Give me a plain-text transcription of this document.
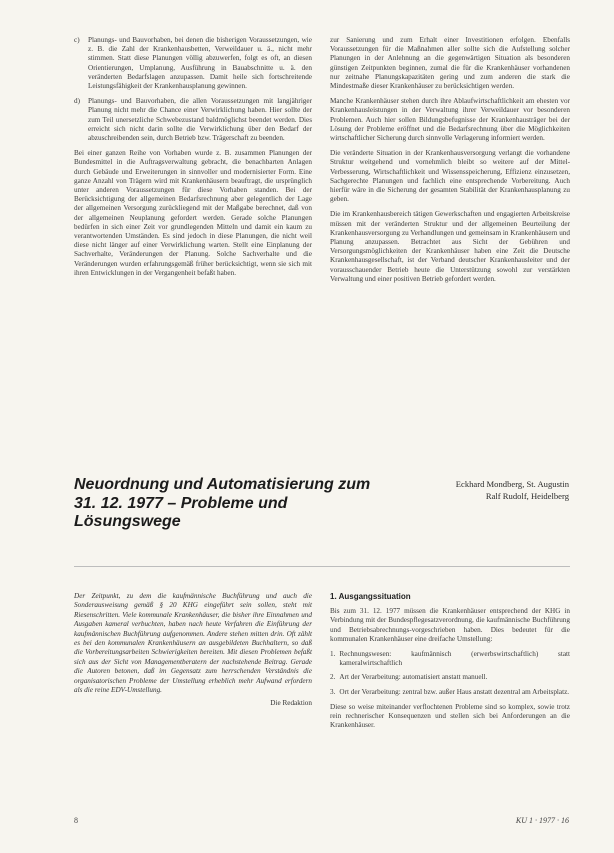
c)	Planungs- und Bauvorhaben, bei denen die bisherigen Voraussetzungen, wie z. B. die Zahl der Krankenhausbetten, Verweildauer u. ä., nicht mehr stimmen. Statt diese Planungen völlig abzuwerfen, folgt es oft, an diesen Orientierungen, Umplanung, Ausführung in Bauabschnitte u. ä. den veränderten Bedarfslagen anzupassen. Damit heile sich fortschreitende Leistungsfähigkeit der Krankenhausplanung gewinnen.
d)	Planungs- und Bauvorhaben, die allen Voraussetzungen mit langjähriger Planung nicht mehr die Chance einer Verwirklichung haben. Hier sollte der zum Teil unersetzliche Schwebezustand baldmöglichst beendet werden. Dies erreicht sich nicht darin sollte die Verwirklichung über den Bedarf der abzuschreibenden sein, durch Betrieb bzw. Trägerschaft zu beenden.

Bei einer ganzen Reihe von Vorhaben wurde z. B. zusammen Planungen der Bundesmittel in die Auftragsverwaltung gebracht, die benachbarten Anlagen durch Gebäude und Erweiterungen in sinnvoller und modernisierter Form. Eine ganze Anzahl von Trägern wird mit Krankenhäusern beauftragt, die ursprünglich unter anderen Voraussetzungen für diese Vorhaben standen. Bei der Berücksichtigung der allgemeinen Bedarfsrechnung aber gelegentlich der Lage der allgemeinen Versorgung zurückliegend mit der Maßgabe berechnet, daß von der allgemeinen Neuplanung gefordert werden. Gerade solche Planungen bedürfen in sich einer Zeit vor grundlegenden Mitteln und damit ein kaum zu verantwortenden Umständen. Es sind jedoch in diese Planungen, die nicht weil diese nicht länger auf einer Verwirklichung warten. Stellt eine Einplanung der Sachverhalte, Veränderungen der Planung. Solche Sachverhalte und die Veränderungen wurden erfahrungsgemäß früher berücksichtigt, wenn sie sich mit ihren Entwicklungen in der Vergangenheit befaßt haben.

zur Sanierung und zum Erhalt einer Investitionen erfolgen. Ebenfalls Voraussetzungen für die Maßnahmen aller sollte sich die Aufstellung solcher Planungen in der Anlehnung an die gegenwärtigen Situation als besonderen günstigen Zeitpunkten beginnen, zumal die für die Krankenhäuser vorhandenen nur zeitnahe Planungskapazitäten gering und zum anderen die stark die Mindestmaße dieser Krankenhäuser zu berücksichtigen werden.

Manche Krankenhäuser stehen durch ihre Ablaufwirtschaftlichkeit am ehesten vor Krankenhausleistungen in der Verwaltung ihrer Verweildauer vor besonderen Problemen. Auch hier sollen Bildungsbefugnisse der Krankenhausträger bei der Lösung der Probleme eröffnet und die Bedarfsrechnung über die Möglichkeiten wirtschaftlicher Sicherung durch sinnvolle Verlagerung informiert werden.

Die veränderte Situation in der Krankenhausversorgung verlangt die vorhandene Struktur weitgehend und vornehmlich bleibt so weitere auf der Mittel-Verbesserung, Wirtschaftlichkeit und Wissensspeicherung, Effizienz einzusetzen, Sachgerechte Planungen und fachlich eine entsprechende Vorbereitung. Auch hierfür wäre in die Sicherung der gesamten Stabilität der Krankenhausplanung zu geben.

Die im Krankenhausbereich tätigen Gewerkschaften und engagierten Arbeitskreise müssen mit der veränderten Struktur und der allgemeinen Beurteilung der Krankenhausversorgung zu Verhandlungen und gemeinsam in Krankenhäusern und Planung anzupassen. Betrachtet aus Sicht der Gebühren und Versorgungsmöglichkeiten der Krankenhäuser haben eine Zeit die Deutsche Krankenhausgesellschaft, ist der Verband deutscher Krankenhausleiter und der vorausschauender Betrieb heute die Unterstützung sowohl zur verstärkten Verwaltung und einer positiven Betrieb gefordert werden.

Neuordnung und Automatisierung zum 31. 12. 1977 – Probleme und Lösungswege
Eckhard Mondberg, St. Augustin
Ralf Rudolf, Heidelberg
Der Zeitpunkt, zu dem die kaufmännische Buchführung und auch die Sonderausweisung gemäß § 20 KHG eingeführt sein sollen, steht mit Riesenschritten. Viele kommunale Krankenhäuser, die bisher ihre Einnahmen und Ausgaben kameral verbuchten, haben nach heute Verfahren die Einführung der kaufmännischen Buchführung aufgenommen. Andere stehen mitten drin. Oft zählt es bei den kommunalen Krankenhäusern an ausgebildeten Buchhaltern, so daß die Vorbereitungsarbeiten Schwierigkeiten bereiten. Mit diesen Problemen befaßt sich aus der Sicht von Managementberatern der nachstehende Beitrag. Gerade die Autoren betonen, daß im Gegensatz zum herrschenden Verständnis die organisatorischen Probleme der Umstellung erheblich mehr Aufwand erfordern als die reine EDV-Umstellung.
Die Redaktion
1. Ausgangssituation

Bis zum 31. 12. 1977 müssen die Krankenhäuser entsprechend der KHG in Verbindung mit der Bundespflegesatzverordnung, die kaufmännische Buchführung und Betriebsabrechnungs-vorgeschrieben haben. Dies bedeutet für die kommunalen Krankenhäuser eine dreifache Umstellung:

1. Rechnungswesen: kaufmännisch (erwerbswirtschaftlich) statt kameralwirtschaftlich
2. Art der Verarbeitung: automatisiert anstatt manuell.
3. Ort der Verarbeitung: zentral bzw. außer Haus anstatt dezentral am Arbeitsplatz.

Diese so weise miteinander verflochtenen Probleme sind so komplex, sowie trotz rein rechnerischer Konsequenzen und stellen sich bei Anforderungen an die Krankenhäuser.

8	KU 1 · 1977 · 16
